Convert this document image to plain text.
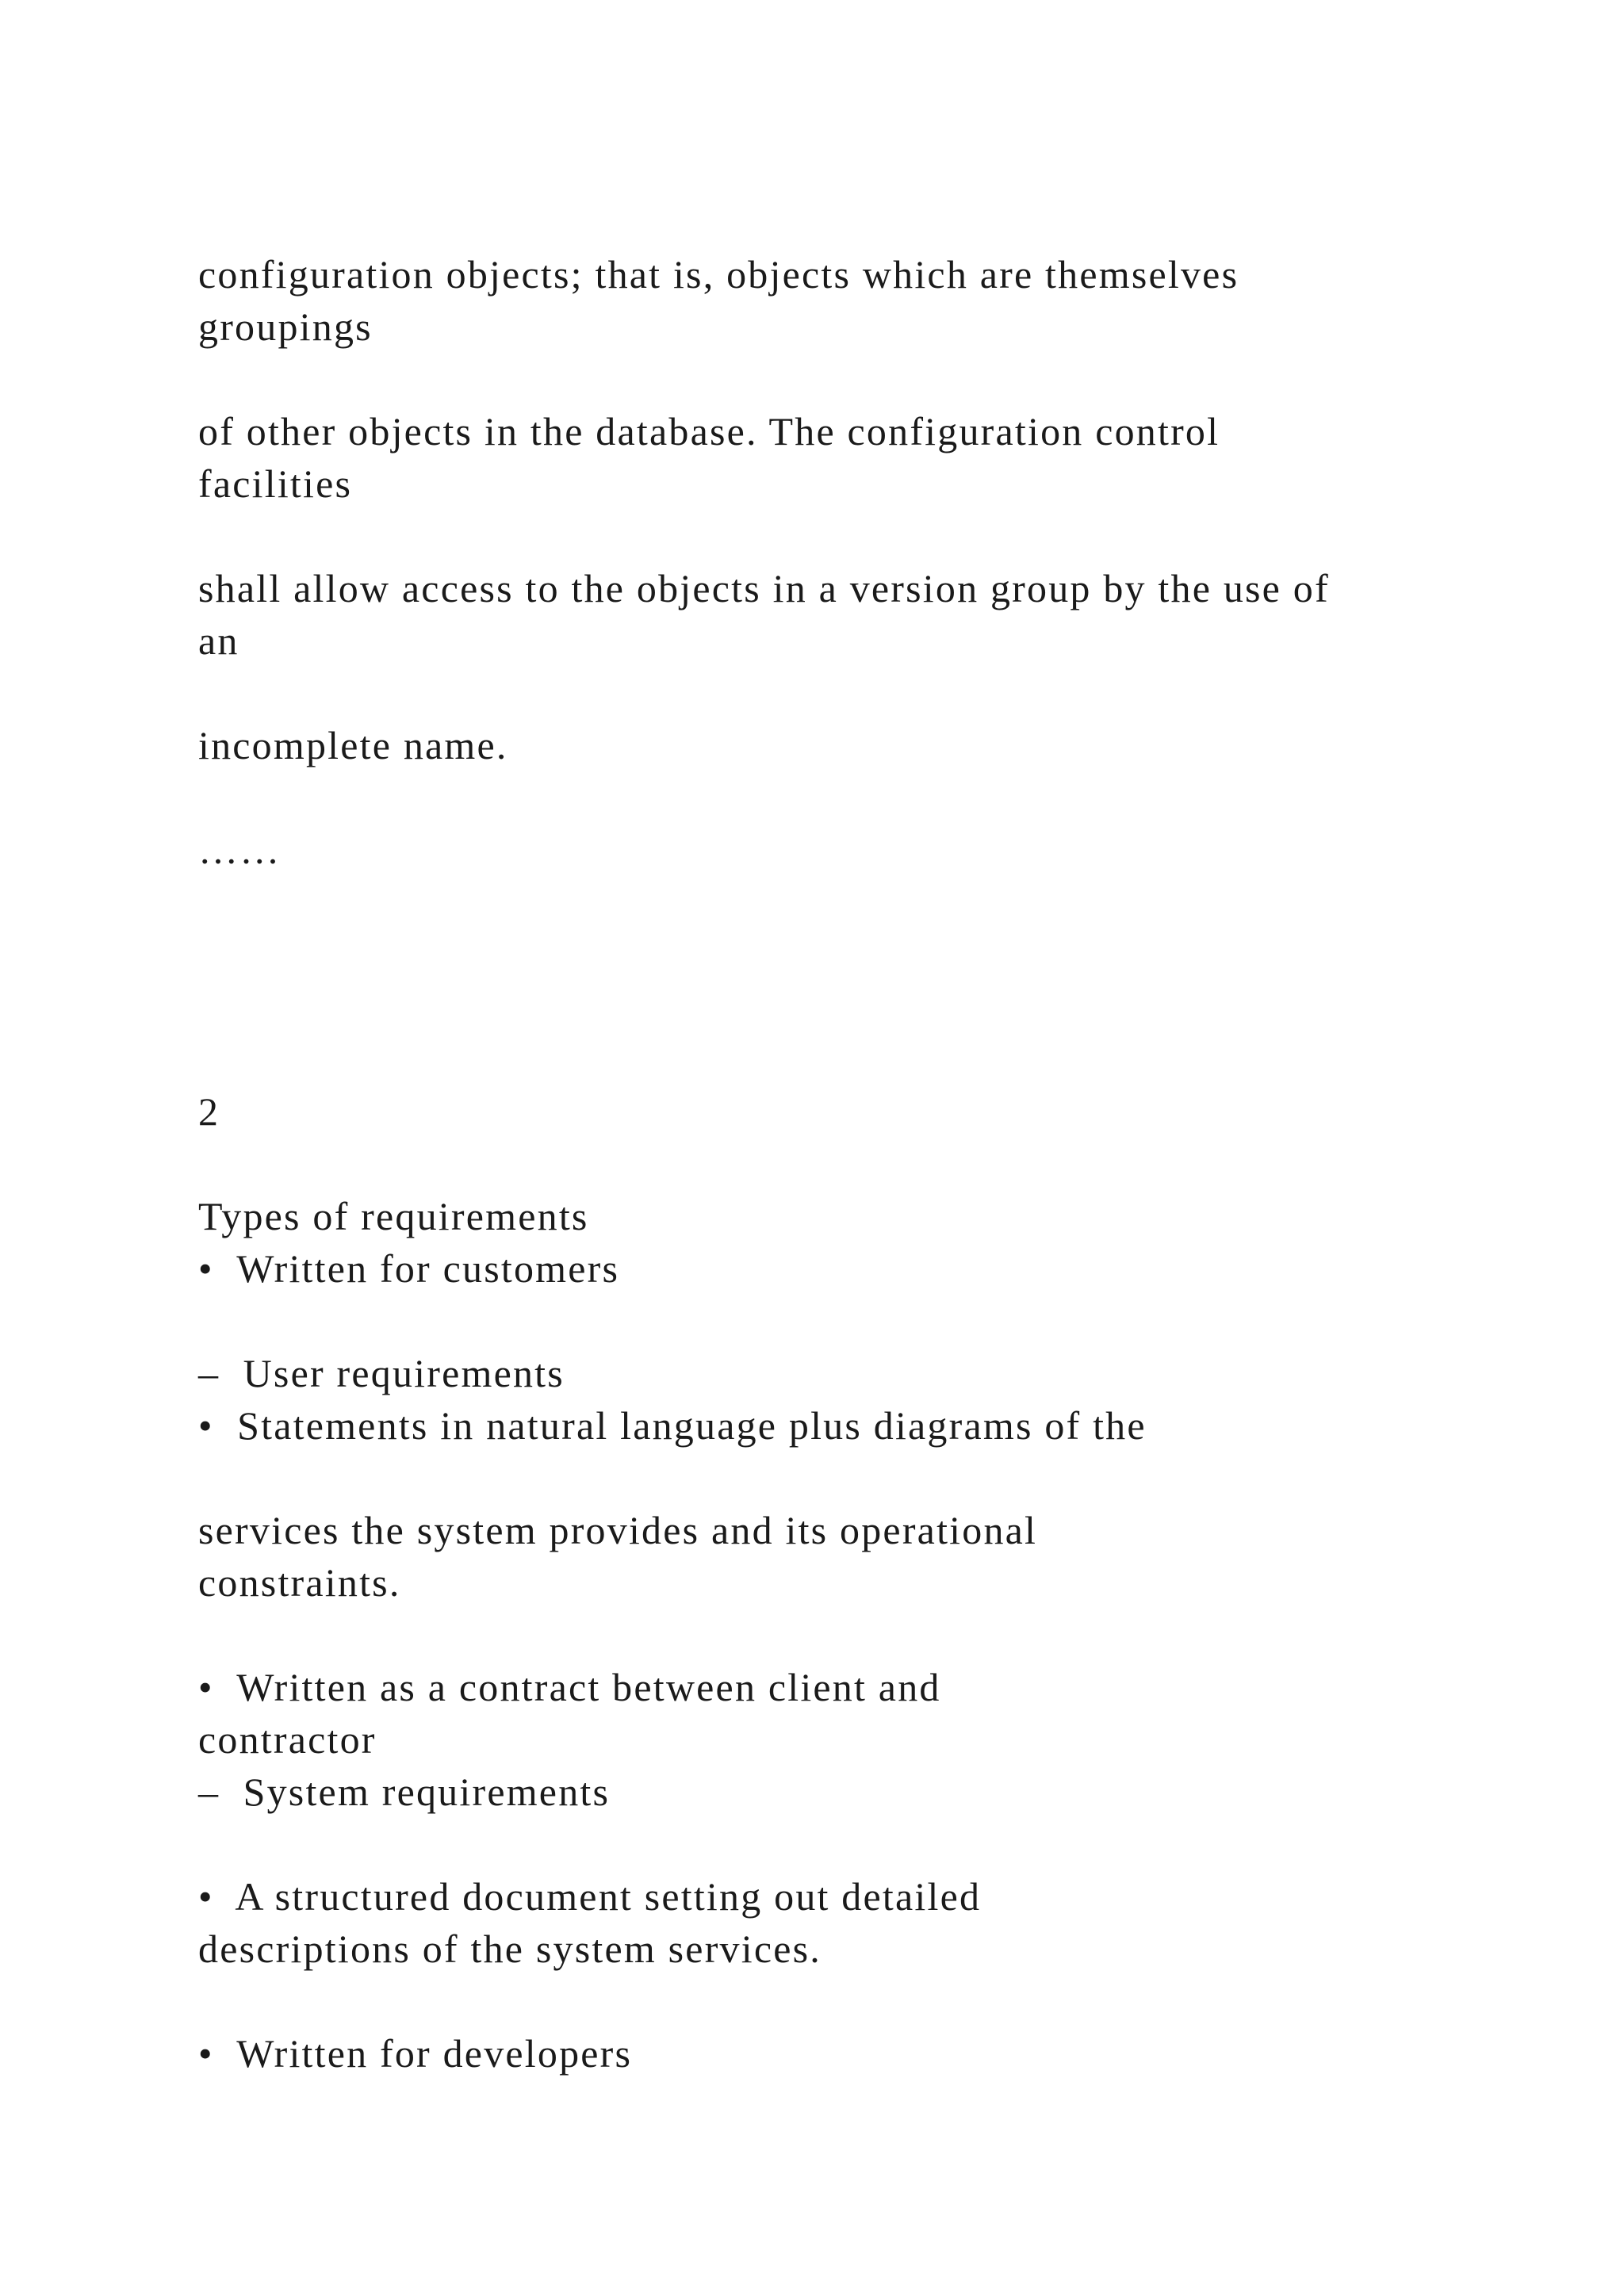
configuration objects; that is, objects which are themselves
groupings
of other objects in the database. The configuration control
facilities
shall allow access to the objects in a version group by the use of
an
incomplete name.
……
2
Types of requirements
•  Written for customers
–  User requirements
•  Statements in natural language plus diagrams of the
services the system provides and its operational
constraints.
•  Written as a contract between client and
contractor
–  System requirements
•  A structured document setting out detailed
descriptions of the system services.
•  Written for developers
